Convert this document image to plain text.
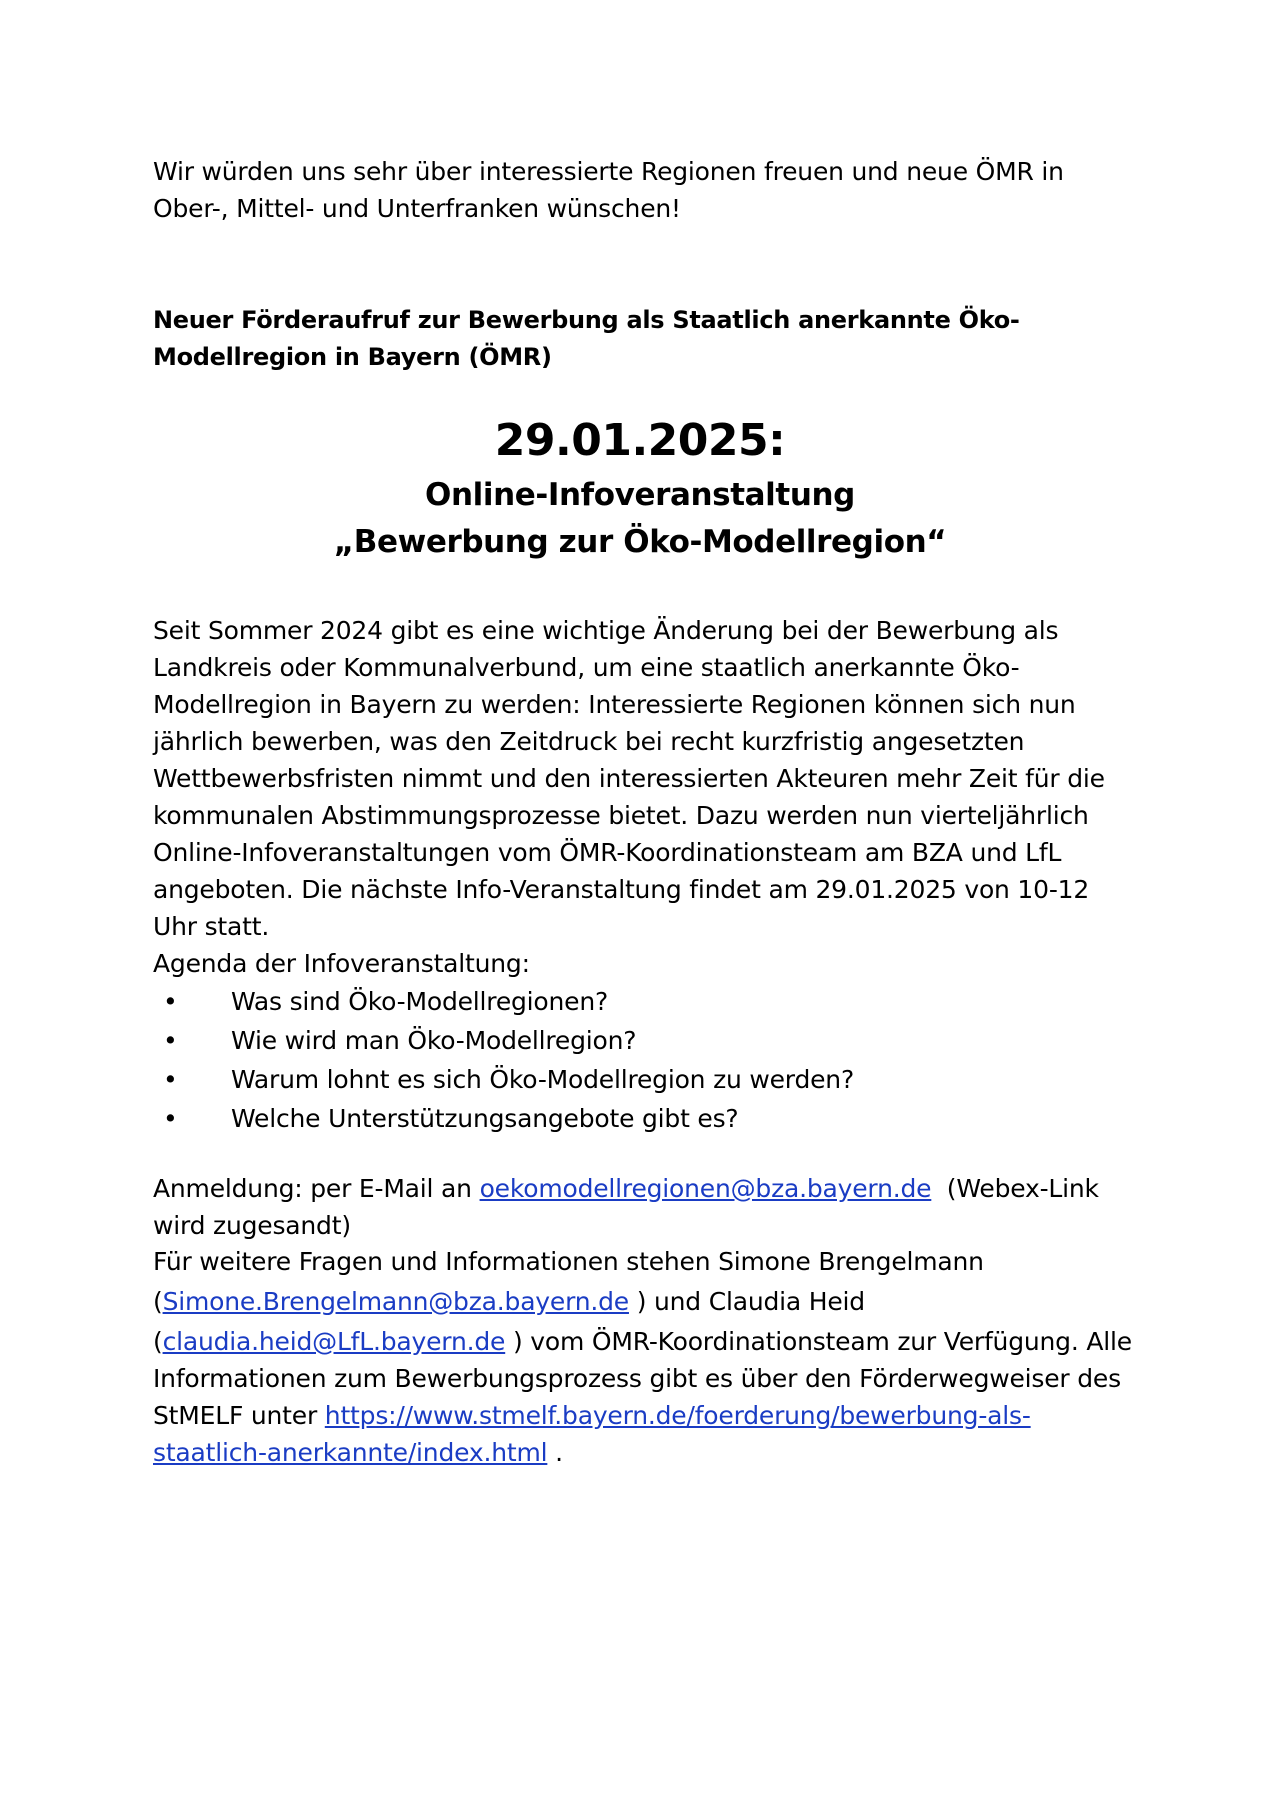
Wir würden uns sehr über interessierte Regionen freuen und neue ÖMR in

Ober-, Mittel- und Unterfranken wünschen!

Neuer Förderaufruf zur Bewerbung als Staatlich anerkannte Öko-
Modellregion in Bayern (ÖMR)
29.01.2025:
Online-Infoveranstaltung
„Bewerbung zur Öko-Modellregion“

Seit Sommer 2024 gibt es eine wichtige Änderung bei der Bewerbung als

Landkreis oder Kommunalverbund, um eine staatlich anerkannte Öko-

Modellregion in Bayern zu werden: Interessierte Regionen können sich nun

jährlich bewerben, was den Zeitdruck bei recht kurzfristig angesetzten

Wettbewerbsfristen nimmt und den interessierten Akteuren mehr Zeit für die

kommunalen Abstimmungsprozesse bietet. Dazu werden nun vierteljährlich

Online-Infoveranstaltungen vom ÖMR-Koordinationsteam am BZA und LfL

angeboten. Die nächste Info-Veranstaltung findet am 29.01.2025 von 10-12

Uhr statt.

Agenda der Infoveranstaltung:

• Was sind Öko-Modellregionen?
• Wie wird man Öko-Modellregion?
• Warum lohnt es sich Öko-Modellregion zu werden?
• Welche Unterstützungsangebote gibt es?

Anmeldung: per E-Mail an oekomodellregionen@bza.bayern.de  (Webex-Link

wird zugesandt)

Für weitere Fragen und Informationen stehen Simone Brengelmann

(Simone.Brengelmann@bza.bayern.de ) und Claudia Heid

(claudia.heid@LfL.bayern.de ) vom ÖMR-Koordinationsteam zur Verfügung. Alle

Informationen zum Bewerbungsprozess gibt es über den Förderwegweiser des

StMELF unter https://www.stmelf.bayern.de/foerderung/bewerbung-als-

staatlich-anerkannte/index.html .
